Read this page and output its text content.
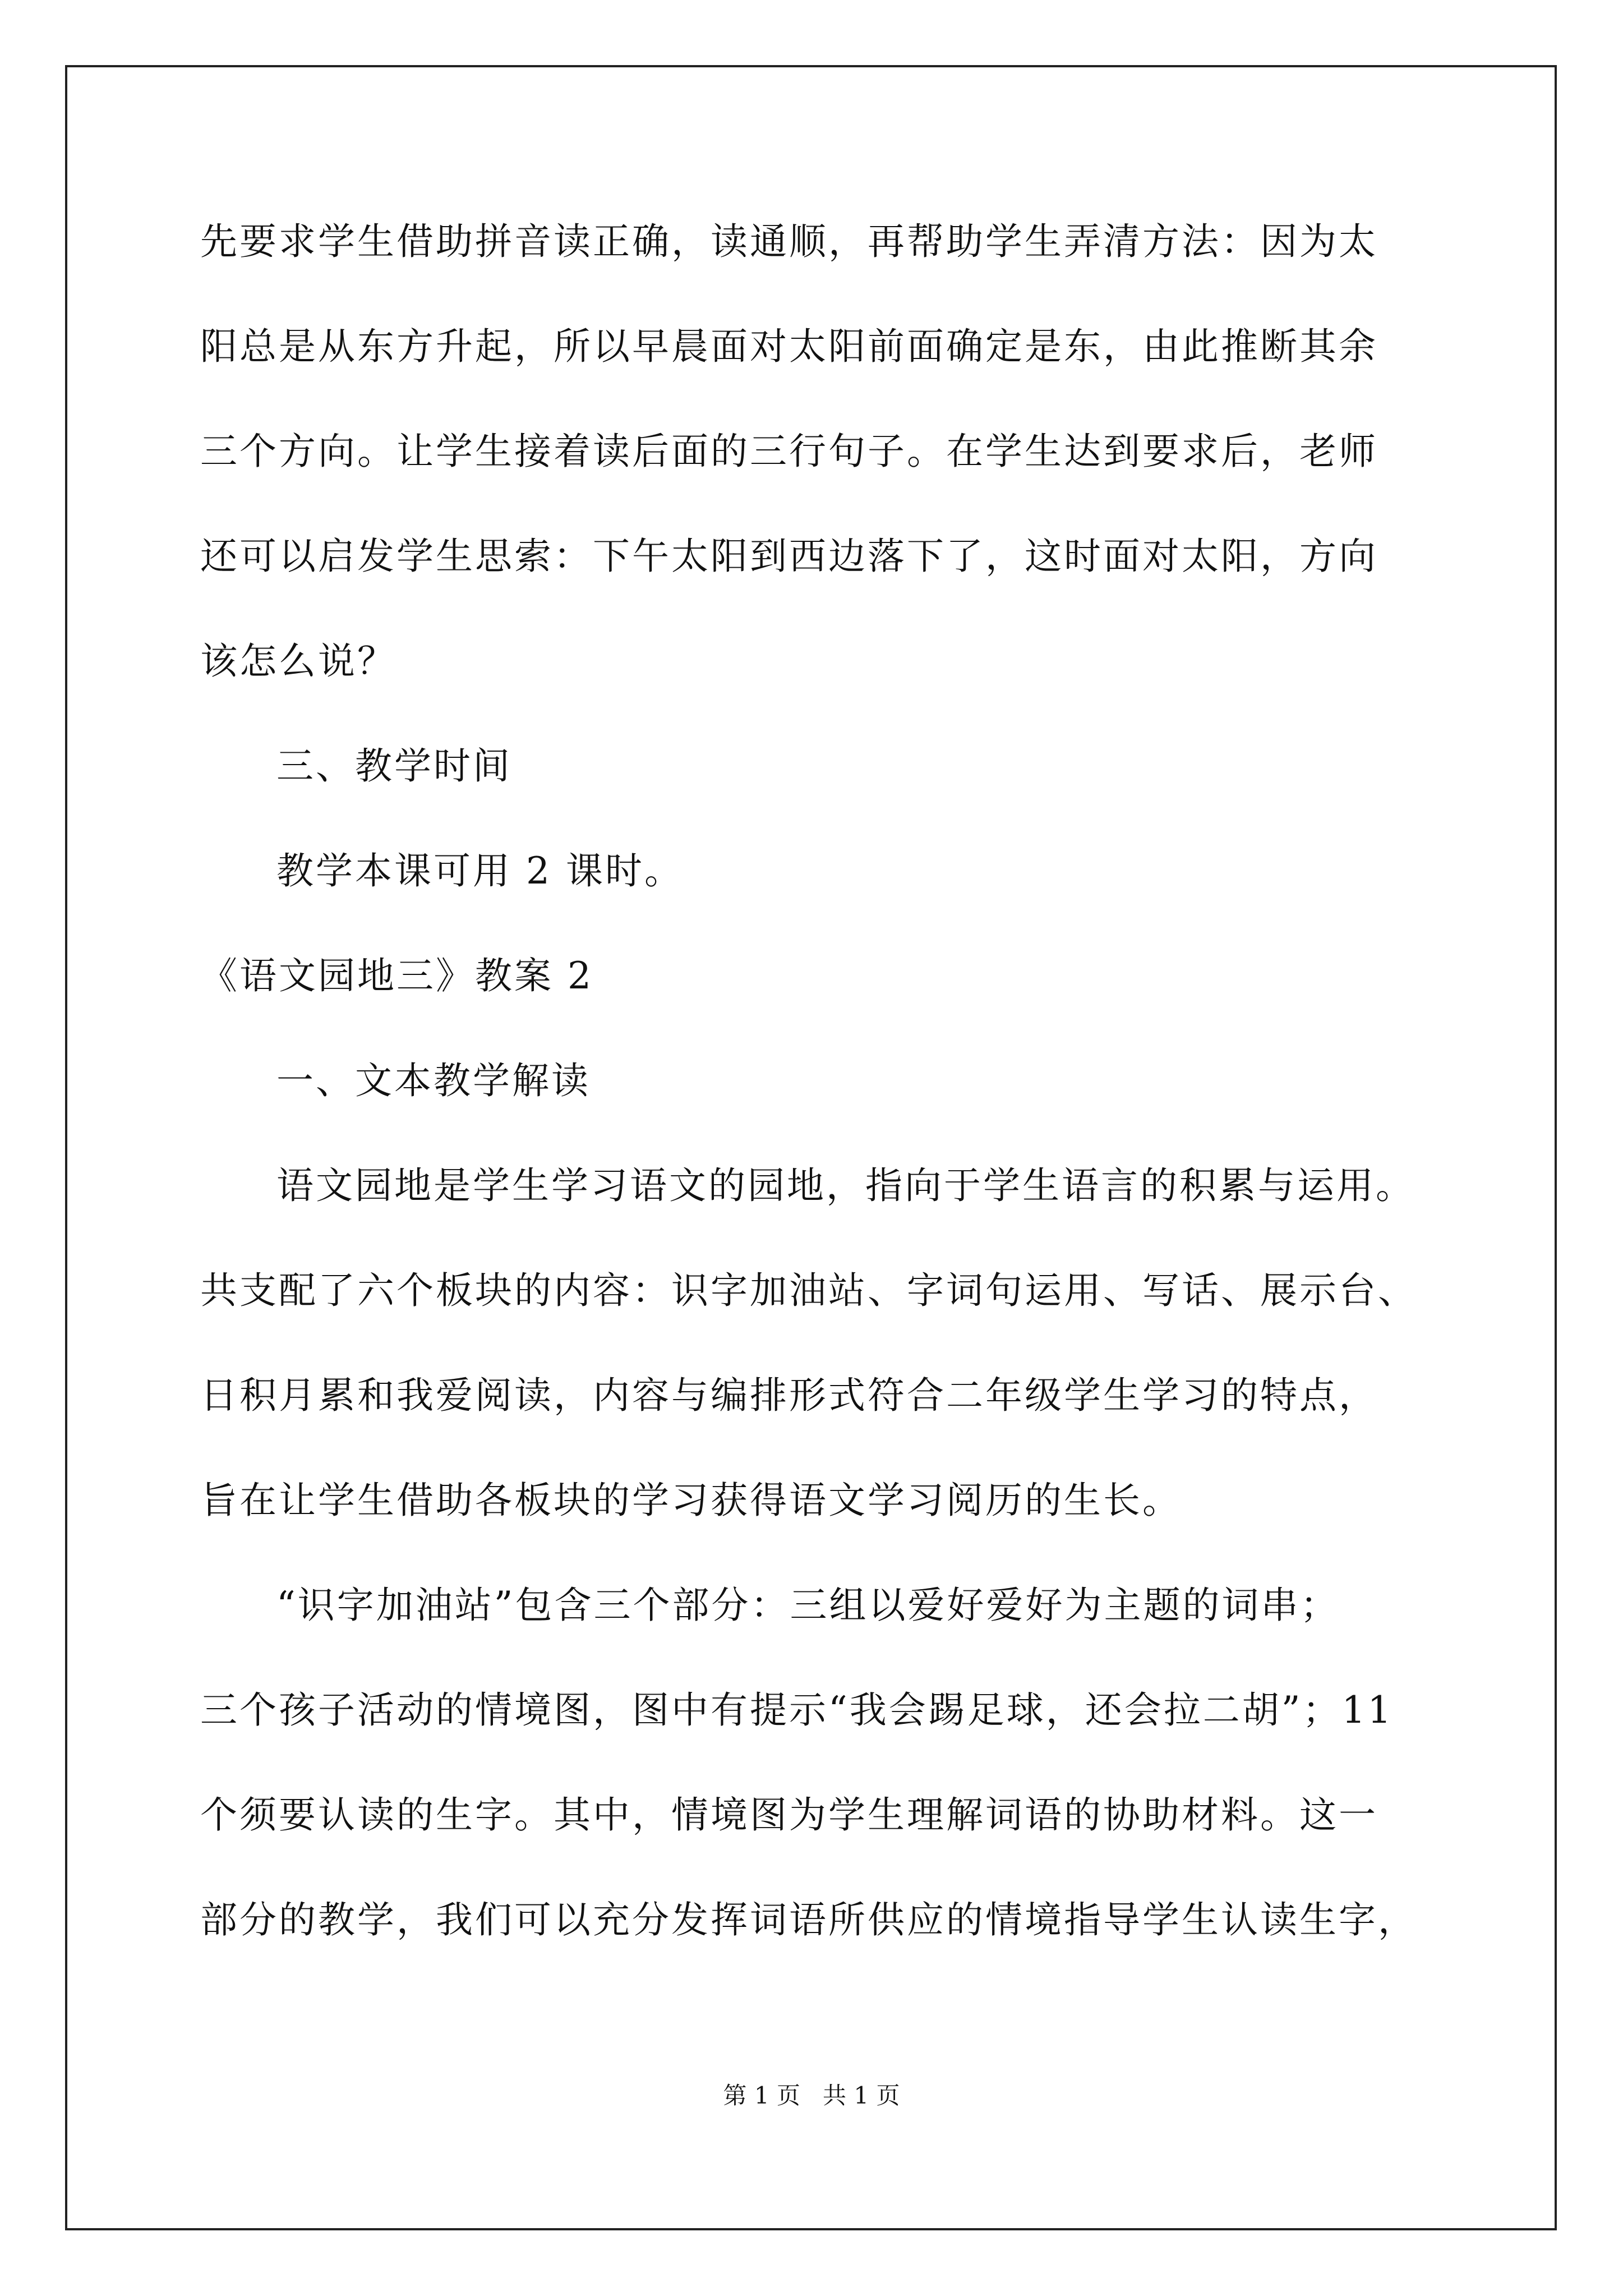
先要求学生借助拼音读正确，读通顺，再帮助学生弄清方法：因为太
阳总是从东方升起，所以早晨面对太阳前面确定是东，由此推断其余
三个方向。让学生接着读后面的三行句子。在学生达到要求后，老师
还可以启发学生思索：下午太阳到西边落下了，这时面对太阳，方向
该怎么说？
三、教学时间
教学本课可用 2 课时。
《语文园地三》教案 2
一、文本教学解读
语文园地是学生学习语文的园地，指向于学生语言的积累与运用。
共支配了六个板块的内容：识字加油站、字词句运用、写话、展示台、
日积月累和我爱阅读，内容与编排形式符合二年级学生学习的特点，
旨在让学生借助各板块的学习获得语文学习阅历的生长。
“识字加油站”包含三个部分：三组以爱好爱好为主题的词串；
三个孩子活动的情境图，图中有提示“我会踢足球，还会拉二胡”；11
个须要认读的生字。其中，情境图为学生理解词语的协助材料。这一
部分的教学，我们可以充分发挥词语所供应的情境指导学生认读生字，
第 1 页   共 1 页
